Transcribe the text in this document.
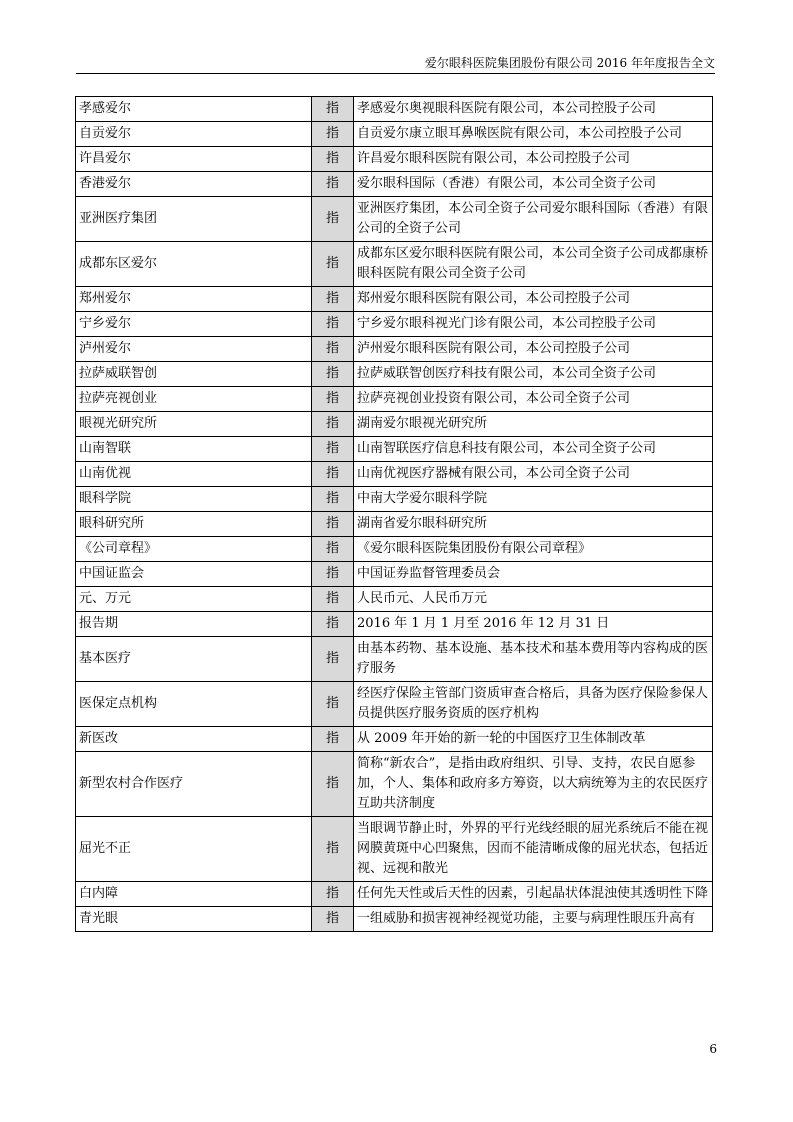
爱尔眼科医院集团股份有限公司 2016 年年度报告全文
孝感爱尔	指	孝感爱尔奥视眼科医院有限公司，本公司控股子公司
自贡爱尔	指	自贡爱尔康立眼耳鼻喉医院有限公司，本公司控股子公司
许昌爱尔	指	许昌爱尔眼科医院有限公司，本公司控股子公司
香港爱尔	指	爱尔眼科国际（香港）有限公司，本公司全资子公司
亚洲医疗集团	指	亚洲医疗集团，本公司全资子公司爱尔眼科国际（香港）有限公司的全资子公司
成都东区爱尔	指	成都东区爱尔眼科医院有限公司，本公司全资子公司成都康桥眼科医院有限公司全资子公司
郑州爱尔	指	郑州爱尔眼科医院有限公司，本公司控股子公司
宁乡爱尔	指	宁乡爱尔眼科视光门诊有限公司，本公司控股子公司
泸州爱尔	指	泸州爱尔眼科医院有限公司，本公司控股子公司
拉萨威联智创	指	拉萨威联智创医疗科技有限公司，本公司全资子公司
拉萨亮视创业	指	拉萨亮视创业投资有限公司，本公司全资子公司
眼视光研究所	指	湖南爱尔眼视光研究所
山南智联	指	山南智联医疗信息科技有限公司，本公司全资子公司
山南优视	指	山南优视医疗器械有限公司，本公司全资子公司
眼科学院	指	中南大学爱尔眼科学院
眼科研究所	指	湖南省爱尔眼科研究所
《公司章程》	指	《爱尔眼科医院集团股份有限公司章程》
中国证监会	指	中国证券监督管理委员会
元、万元	指	人民币元、人民币万元
报告期	指	2016 年 1 月 1 月至 2016 年 12 月 31 日
基本医疗	指	由基本药物、基本设施、基本技术和基本费用等内容构成的医疗服务
医保定点机构	指	经医疗保险主管部门资质审查合格后，具备为医疗保险参保人员提供医疗服务资质的医疗机构
新医改	指	从 2009 年开始的新一轮的中国医疗卫生体制改革
新型农村合作医疗	指	简称“新农合”，是指由政府组织、引导、支持，农民自愿参加，个人、集体和政府多方筹资，以大病统筹为主的农民医疗互助共济制度
屈光不正	指	当眼调节静止时，外界的平行光线经眼的屈光系统后不能在视网膜黄斑中心凹聚焦，因而不能清晰成像的屈光状态，包括近视、远视和散光
白内障	指	任何先天性或后天性的因素，引起晶状体混浊使其透明性下降
青光眼	指	一组威胁和损害视神经视觉功能，主要与病理性眼压升高有
6
